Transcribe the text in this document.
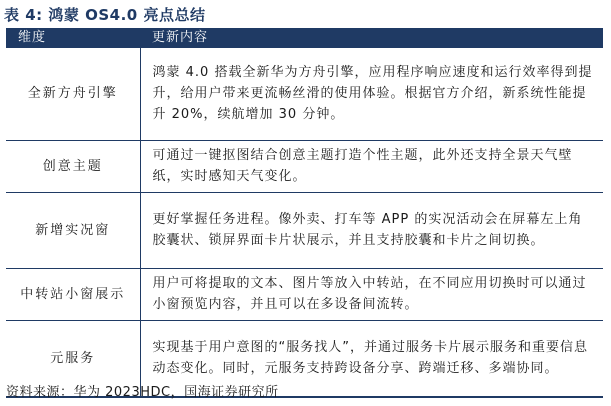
表 4: 鸿蒙 OS4.0 亮点总结
维度	更新内容
全新方舟引擎	鸿蒙 4.0 搭载全新华为方舟引擎，应用程序响应速度和运行效率得到提升，给用户带来更流畅丝滑的使用体验。根据官方介绍，新系统性能提升 20%，续航增加 30 分钟。
创意主题	可通过一键抠图结合创意主题打造个性主题，此外还支持全景天气壁纸，实时感知天气变化。
新增实况窗	更好掌握任务进程。像外卖、打车等 APP 的实况活动会在屏幕左上角胶囊状、锁屏界面卡片状展示，并且支持胶囊和卡片之间切换。
中转站小窗展示	用户可将提取的文本、图片等放入中转站，在不同应用切换时可以通过小窗预览内容，并且可以在多设备间流转。
元服务	实现基于用户意图的“服务找人”，并通过服务卡片展示服务和重要信息动态变化。同时，元服务支持跨设备分享、跨端迁移、多端协同。
资料来源：华为 2023HDC，国海证券研究所
